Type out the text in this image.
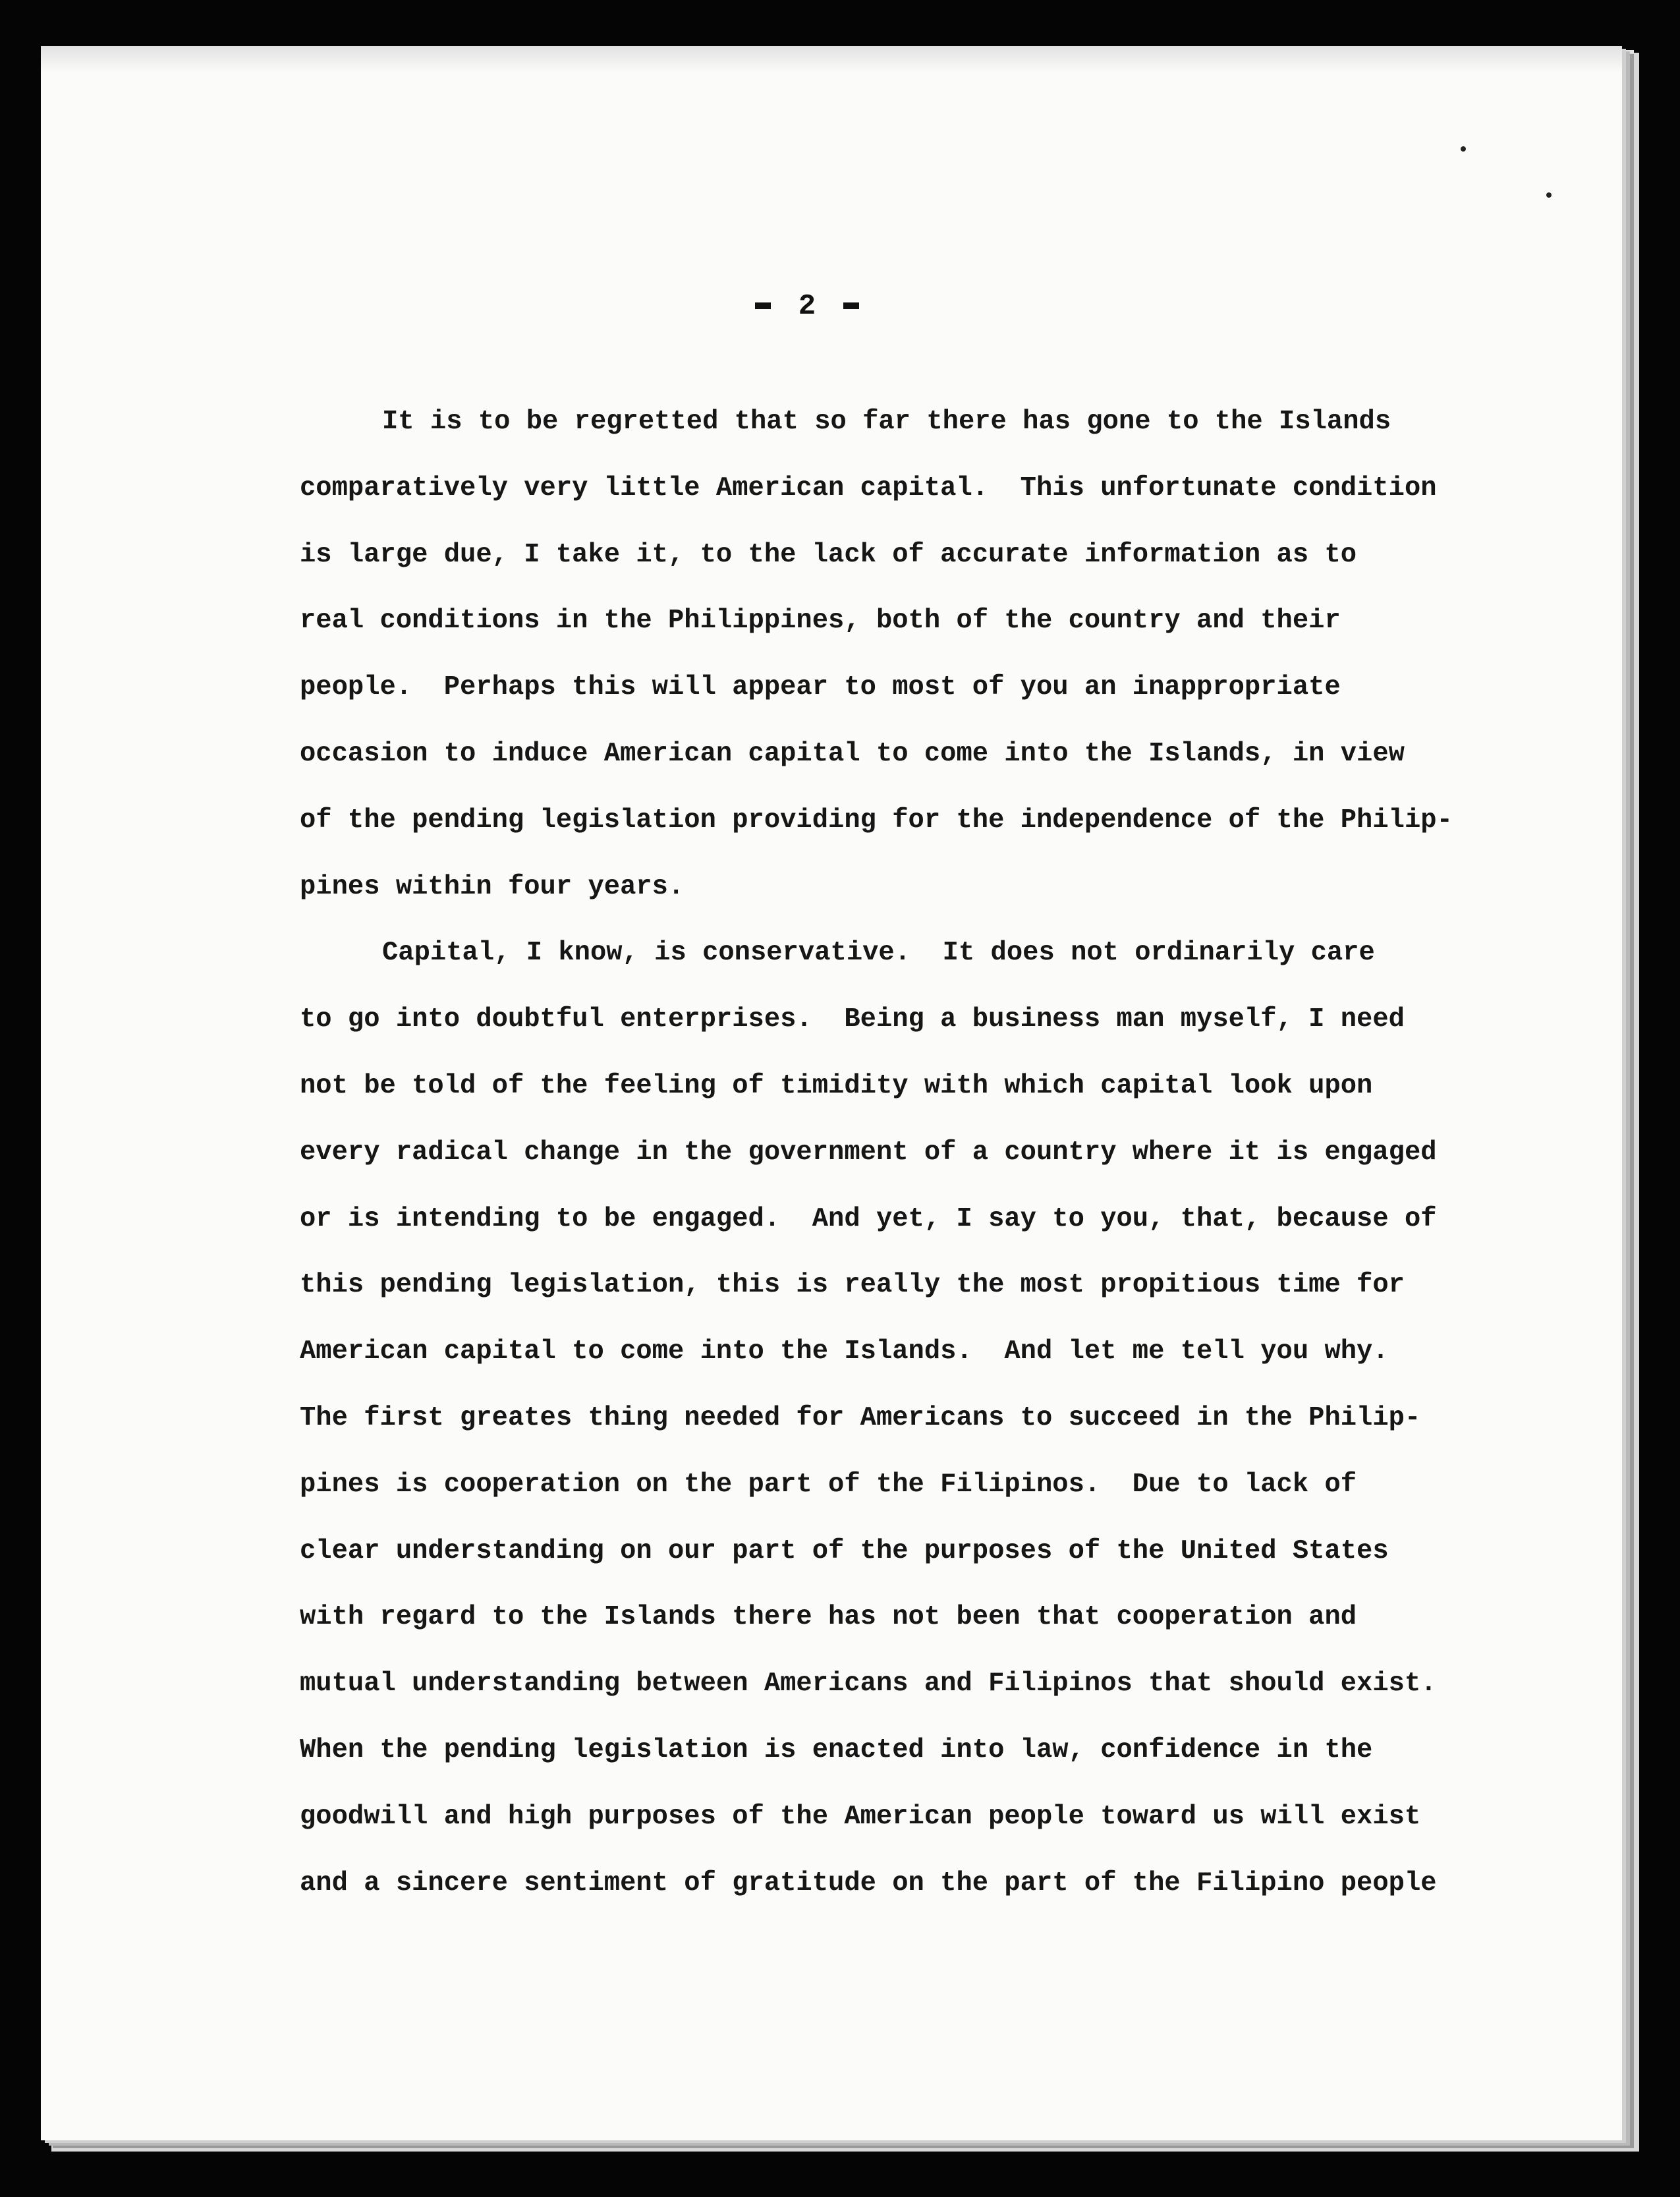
2
It is to be regretted that so far there has gone to the Islands
comparatively very little American capital.  This unfortunate condition
is large due, I take it, to the lack of accurate information as to
real conditions in the Philippines, both of the country and their
people.  Perhaps this will appear to most of you an inappropriate
occasion to induce American capital to come into the Islands, in view
of the pending legislation providing for the independence of the Philip-
pines within four years.
Capital, I know, is conservative.  It does not ordinarily care
to go into doubtful enterprises.  Being a business man myself, I need
not be told of the feeling of timidity with which capital look upon
every radical change in the government of a country where it is engaged
or is intending to be engaged.  And yet, I say to you, that, because of
this pending legislation, this is really the most propitious time for
American capital to come into the Islands.  And let me tell you why.
The first greates thing needed for Americans to succeed in the Philip-
pines is cooperation on the part of the Filipinos.  Due to lack of
clear understanding on our part of the purposes of the United States
with regard to the Islands there has not been that cooperation and
mutual understanding between Americans and Filipinos that should exist.
When the pending legislation is enacted into law, confidence in the
goodwill and high purposes of the American people toward us will exist
and a sincere sentiment of gratitude on the part of the Filipino people
